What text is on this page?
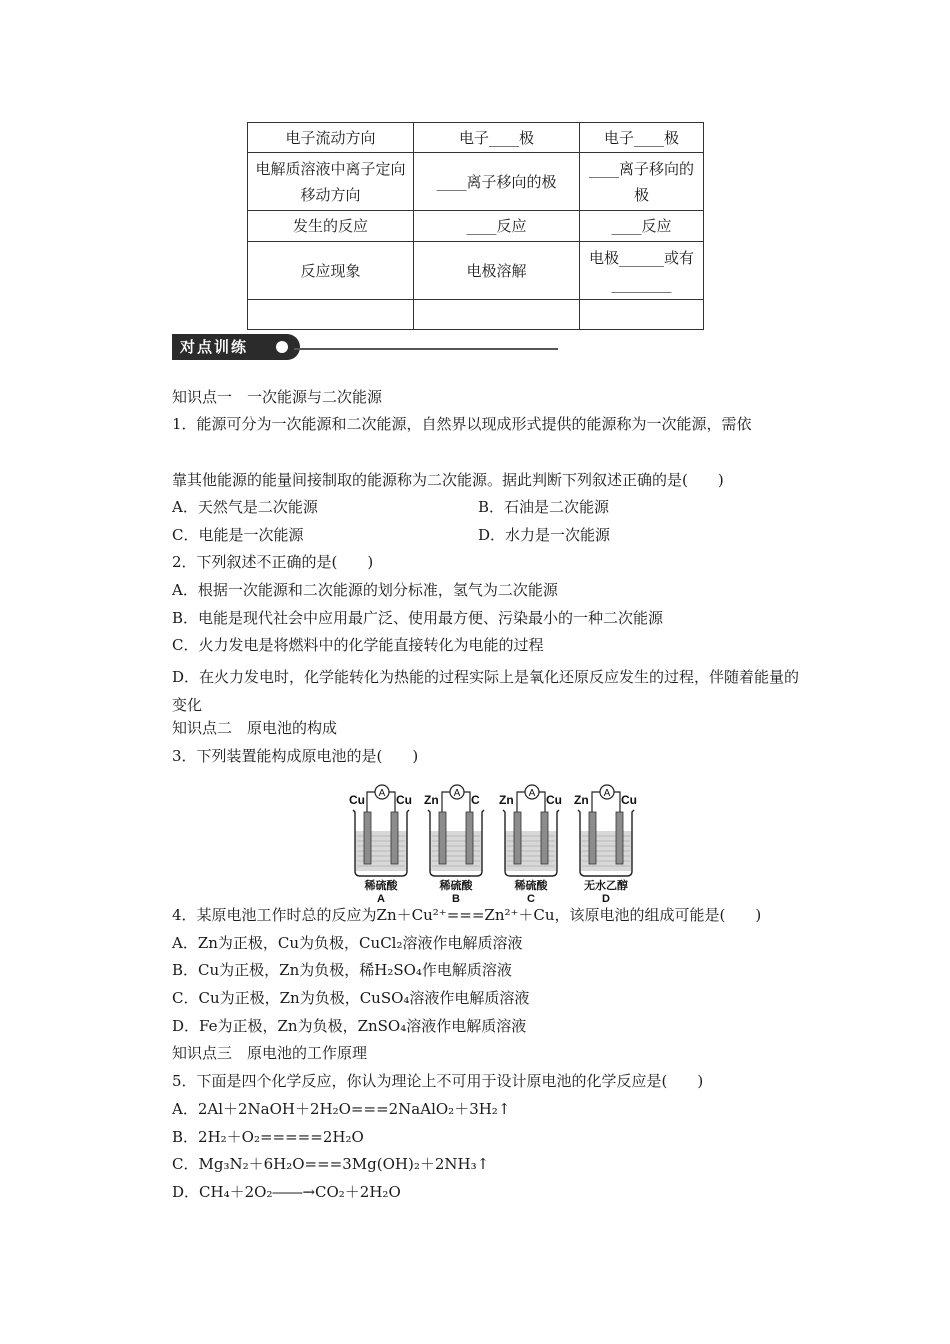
电子流动方向	电子____极	电子____极
电解质溶液中离子定向移动方向	____离子移向的极	____离子移向的极
发生的反应	____反应	____反应
反应现象	电极溶解	电极______或有________

对点训练
知识点一　一次能源与二次能源
1．能源可分为一次能源和二次能源，自然界以现成形式提供的能源称为一次能源，需依
靠其他能源的能量间接制取的能源称为二次能源。据此判断下列叙述正确的是(　　)
A．天然气是二次能源	B．石油是二次能源
C．电能是一次能源	D．水力是一次能源
2．下列叙述不正确的是(　　)
A．根据一次能源和二次能源的划分标准，氢气为二次能源
B．电能是现代社会中应用最广泛、使用最方便、污染最小的一种二次能源
C．火力发电是将燃料中的化学能直接转化为电能的过程
D．在火力发电时，化学能转化为热能的过程实际上是氧化还原反应发生的过程，伴随着能量的变化
知识点二　原电池的构成
3．下列装置能构成原电池的是(　　)
Cu	Cu
A
稀硫酸
A
Zn	C
A
稀硫酸
B
Zn	Cu
A
稀硫酸
C
Zn	Cu
A
无水乙醇
D
4．某原电池工作时总的反应为Zn＋Cu²⁺===Zn²⁺＋Cu，该原电池的组成可能是(　　)
A．Zn为正极，Cu为负极，CuCl₂溶液作电解质溶液
B．Cu为正极，Zn为负极，稀H₂SO₄作电解质溶液
C．Cu为正极，Zn为负极，CuSO₄溶液作电解质溶液
D．Fe为正极，Zn为负极，ZnSO₄溶液作电解质溶液
知识点三　原电池的工作原理
5．下面是四个化学反应，你认为理论上不可用于设计原电池的化学反应是(　　)
A．2Al＋2NaOH＋2H₂O===2NaAlO₂＋3H₂↑
B．2H₂＋O₂=====2H₂O
C．Mg₃N₂＋6H₂O===3Mg(OH)₂＋2NH₃↑
D．CH₄＋2O₂――→CO₂＋2H₂O
